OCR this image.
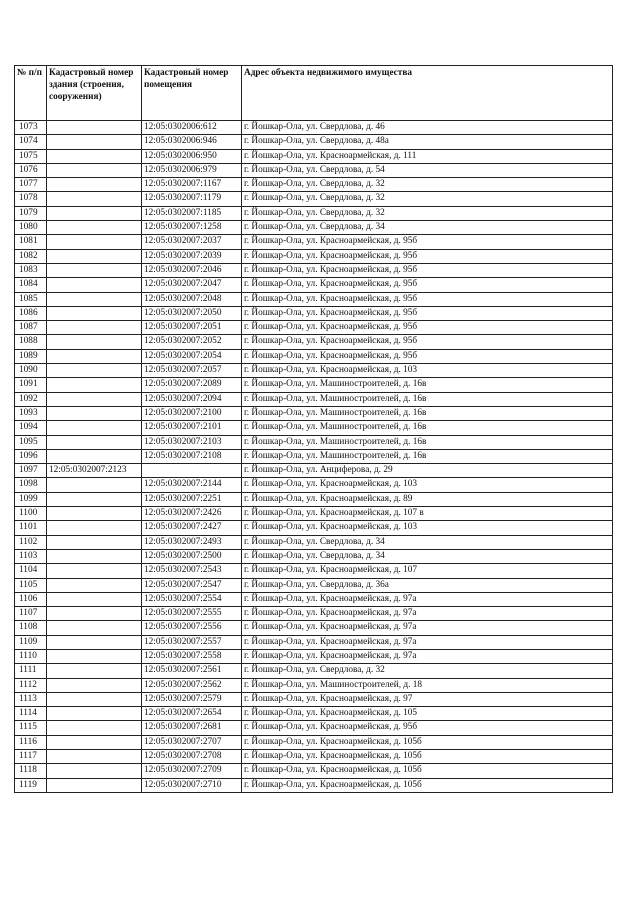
№ п/п	Кадастровый номер здания (строения, сооружения)	Кадастровый номер помещения	Адрес объекта недвижимого имущества
1073		12:05:0302006:612	г. Йошкар-Ола, ул. Свердлова, д. 46
1074		12:05:0302006:946	г. Йошкар-Ола, ул. Свердлова, д. 48а
1075		12:05:0302006:950	г. Йошкар-Ола, ул. Красноармейская, д. 111
1076		12:05:0302006:979	г. Йошкар-Ола, ул. Свердлова, д. 54
1077		12:05:0302007:1167	г. Йошкар-Ола, ул. Свердлова, д. 32
1078		12:05:0302007:1179	г. Йошкар-Ола, ул. Свердлова, д. 32
1079		12:05:0302007:1185	г. Йошкар-Ола, ул. Свердлова, д. 32
1080		12:05:0302007:1258	г. Йошкар-Ола, ул. Свердлова, д. 34
1081		12:05:0302007:2037	г. Йошкар-Ола, ул. Красноармейская, д. 95б
1082		12:05:0302007:2039	г. Йошкар-Ола, ул. Красноармейская, д. 95б
1083		12:05:0302007:2046	г. Йошкар-Ола, ул. Красноармейская, д. 95б
1084		12:05:0302007:2047	г. Йошкар-Ола, ул. Красноармейская, д. 95б
1085		12:05:0302007:2048	г. Йошкар-Ола, ул. Красноармейская, д. 95б
1086		12:05:0302007:2050	г. Йошкар-Ола, ул. Красноармейская, д. 95б
1087		12:05:0302007:2051	г. Йошкар-Ола, ул. Красноармейская, д. 95б
1088		12:05:0302007:2052	г. Йошкар-Ола, ул. Красноармейская, д. 95б
1089		12:05:0302007:2054	г. Йошкар-Ола, ул. Красноармейская, д. 95б
1090		12:05:0302007:2057	г. Йошкар-Ола, ул. Красноармейская, д. 103
1091		12:05:0302007:2089	г. Йошкар-Ола, ул. Машиностроителей, д. 16в
1092		12:05:0302007:2094	г. Йошкар-Ола, ул. Машиностроителей, д. 16в
1093		12:05:0302007:2100	г. Йошкар-Ола, ул. Машиностроителей, д. 16в
1094		12:05:0302007:2101	г. Йошкар-Ола, ул. Машиностроителей, д. 16в
1095		12:05:0302007:2103	г. Йошкар-Ола, ул. Машиностроителей, д. 16в
1096		12:05:0302007:2108	г. Йошкар-Ола, ул. Машиностроителей, д. 16в
1097	12:05:0302007:2123		г. Йошкар-Ола, ул. Анциферова, д. 29
1098		12:05:0302007:2144	г. Йошкар-Ола, ул. Красноармейская, д. 103
1099		12:05:0302007:2251	г. Йошкар-Ола, ул. Красноармейская, д. 89
1100		12:05:0302007:2426	г. Йошкар-Ола, ул. Красноармейская, д. 107 в
1101		12:05:0302007:2427	г. Йошкар-Ола, ул. Красноармейская, д. 103
1102		12:05:0302007:2493	г. Йошкар-Ола, ул. Свердлова, д. 34
1103		12:05:0302007:2500	г. Йошкар-Ола, ул. Свердлова, д. 34
1104		12:05:0302007:2543	г. Йошкар-Ола, ул. Красноармейская, д. 107
1105		12:05:0302007:2547	г. Йошкар-Ола, ул. Свердлова, д. 36а
1106		12:05:0302007:2554	г. Йошкар-Ола, ул. Красноармейская, д. 97а
1107		12:05:0302007:2555	г. Йошкар-Ола, ул. Красноармейская, д. 97а
1108		12:05:0302007:2556	г. Йошкар-Ола, ул. Красноармейская, д. 97а
1109		12:05:0302007:2557	г. Йошкар-Ола, ул. Красноармейская, д. 97а
1110		12:05:0302007:2558	г. Йошкар-Ола, ул. Красноармейская, д. 97а
1111		12:05:0302007:2561	г. Йошкар-Ола, ул. Свердлова, д. 32
1112		12:05:0302007:2562	г. Йошкар-Ола, ул. Машиностроителей, д. 18
1113		12:05:0302007:2579	г. Йошкар-Ола, ул. Красноармейская, д. 97
1114		12:05:0302007:2654	г. Йошкар-Ола, ул. Красноармейская, д. 105
1115		12:05:0302007:2681	г. Йошкар-Ола, ул. Красноармейская, д. 95б
1116		12:05:0302007:2707	г. Йошкар-Ола, ул. Красноармейская, д. 105б
1117		12:05:0302007:2708	г. Йошкар-Ола, ул. Красноармейская, д. 105б
1118		12:05:0302007:2709	г. Йошкар-Ола, ул. Красноармейская, д. 105б
1119		12:05:0302007:2710	г. Йошкар-Ола, ул. Красноармейская, д. 105б
